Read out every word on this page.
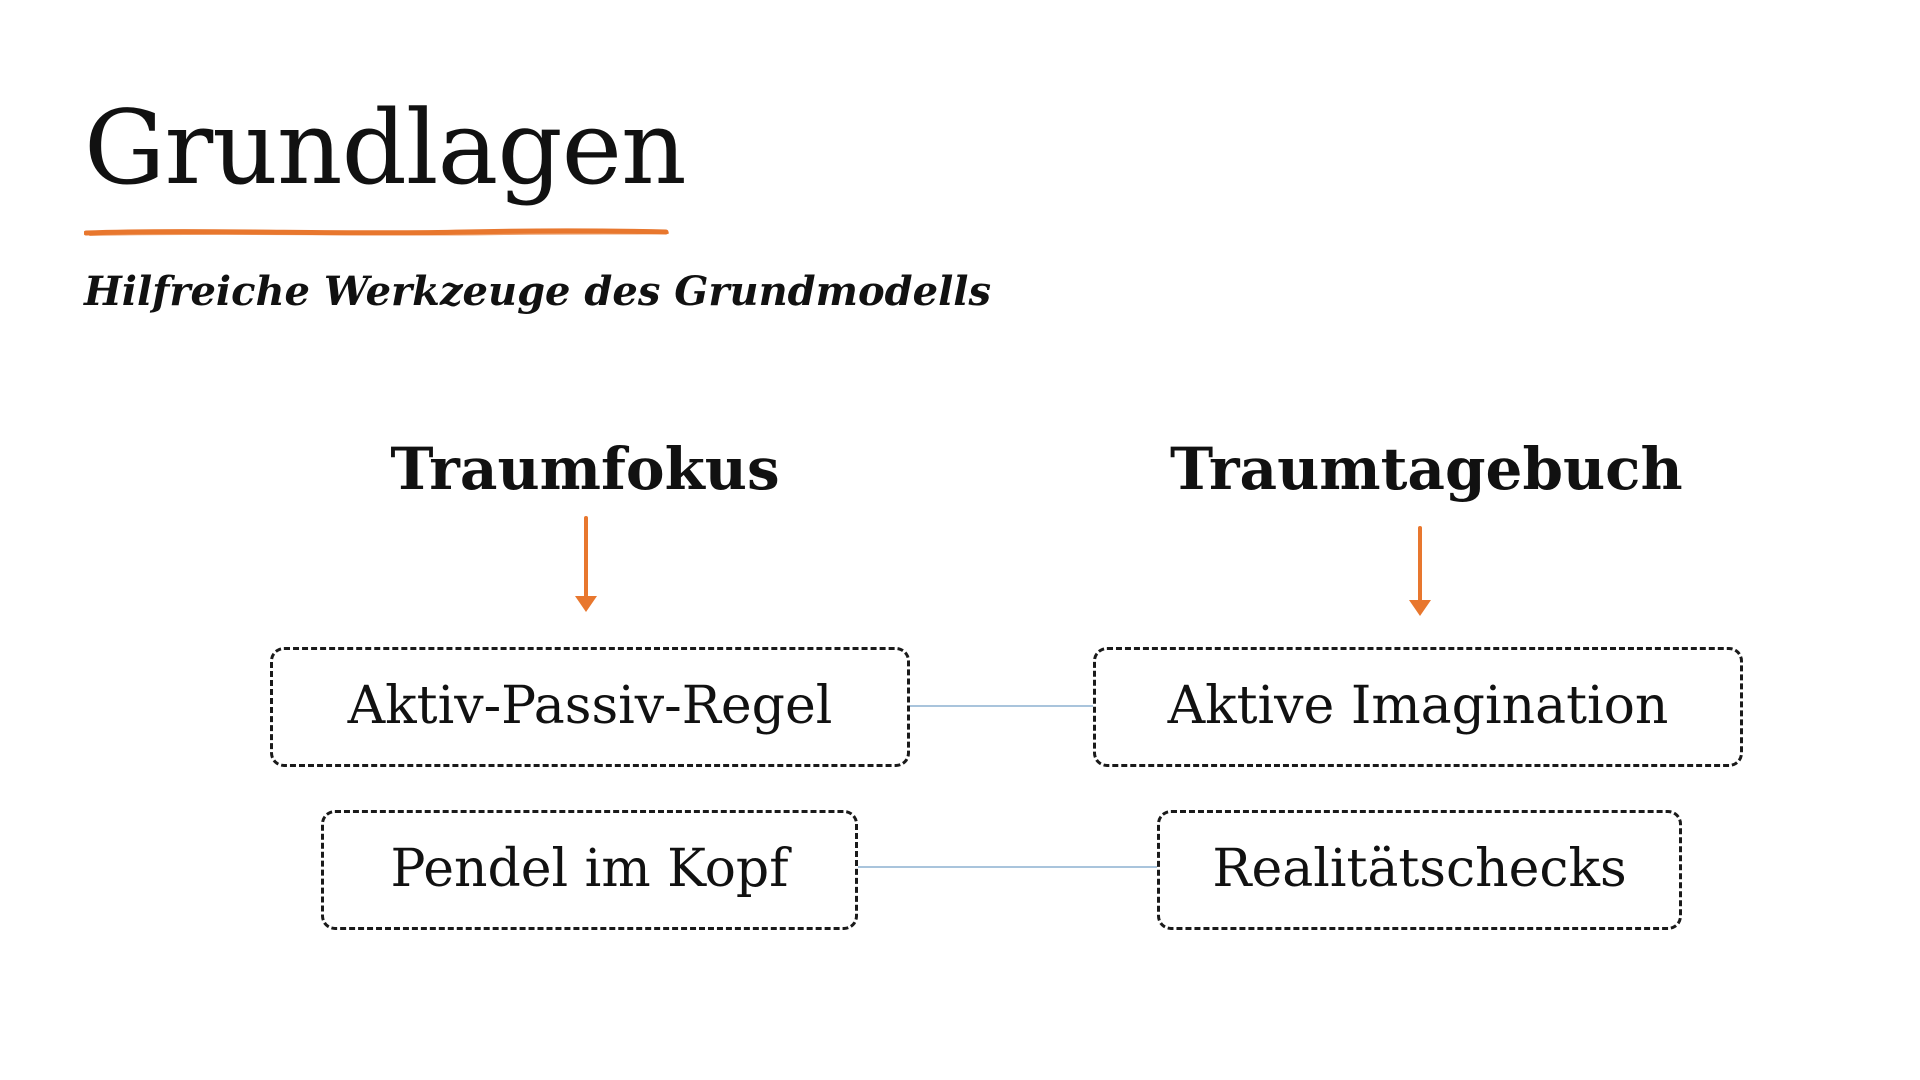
Grundlagen

Hilfreiche Werkzeuge des Grundmodells

Traumfokus	Traumtagebuch
Aktiv-Passiv-Regel	Aktive Imagination
Pendel im Kopf	Realitätschecks
